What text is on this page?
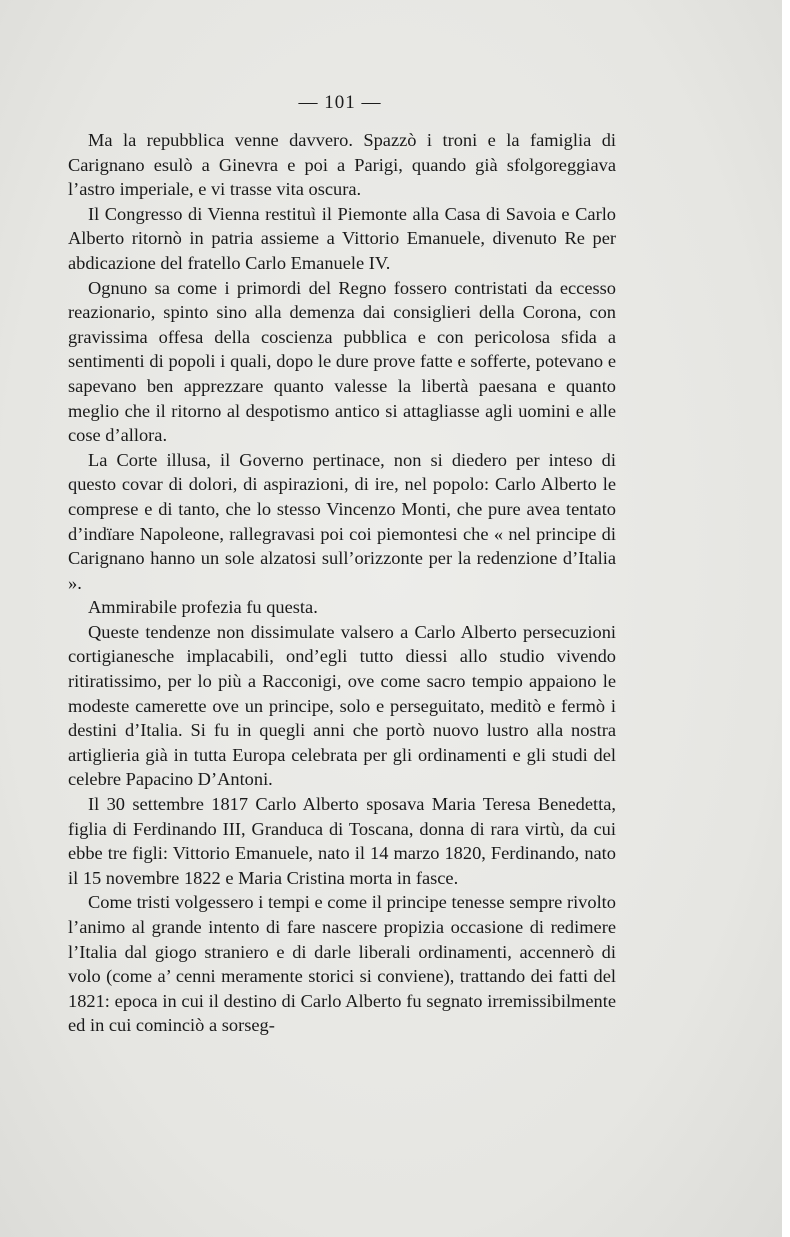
— 101 —

Ma la repubblica venne davvero. Spazzò i troni e la famiglia di Carignano esulò a Ginevra e poi a Parigi, quando già sfolgoreggiava l’astro imperiale, e vi trasse vita oscura.

Il Congresso di Vienna restituì il Piemonte alla Casa di Savoia e Carlo Alberto ritornò in patria assieme a Vittorio Emanuele, divenuto Re per abdicazione del fratello Carlo Emanuele IV.

Ognuno sa come i primordi del Regno fossero contristati da eccesso reazionario, spinto sino alla demenza dai consiglieri della Corona, con gravissima offesa della coscienza pubblica e con pericolosa sfida a sentimenti di popoli i quali, dopo le dure prove fatte e sofferte, potevano e sapevano ben apprezzare quanto valesse la libertà paesana e quanto meglio che il ritorno al despotismo antico si attagliasse agli uomini e alle cose d’allora.

La Corte illusa, il Governo pertinace, non si diedero per inteso di questo covar di dolori, di aspirazioni, di ire, nel popolo: Carlo Alberto le comprese e di tanto, che lo stesso Vincenzo Monti, che pure avea tentato d’indïare Napoleone, rallegravasi poi coi piemontesi che « nel principe di Carignano hanno un sole alzatosi sull’orizzonte per la redenzione d’Italia ».

Ammirabile profezia fu questa.

Queste tendenze non dissimulate valsero a Carlo Alberto persecuzioni cortigianesche implacabili, ond’egli tutto diessi allo studio vivendo ritiratissimo, per lo più a Racconigi, ove come sacro tempio appaiono le modeste camerette ove un principe, solo e perseguitato, meditò e fermò i destini d’Italia. Si fu in quegli anni che portò nuovo lustro alla nostra artiglieria già in tutta Europa celebrata per gli ordinamenti e gli studi del celebre Papacino D’Antoni.

Il 30 settembre 1817 Carlo Alberto sposava Maria Teresa Benedetta, figlia di Ferdinando III, Granduca di Toscana, donna di rara virtù, da cui ebbe tre figli: Vittorio Emanuele, nato il 14 marzo 1820, Ferdinando, nato il 15 novembre 1822 e Maria Cristina morta in fasce.

Come tristi volgessero i tempi e come il principe tenesse sempre rivolto l’animo al grande intento di fare nascere propizia occasione di redimere l’Italia dal giogo straniero e di darle liberali ordinamenti, accennerò di volo (come a’ cenni meramente storici si conviene), trattando dei fatti del 1821: epoca in cui il destino di Carlo Alberto fu segnato irremissibilmente ed in cui cominciò a sorseg-
